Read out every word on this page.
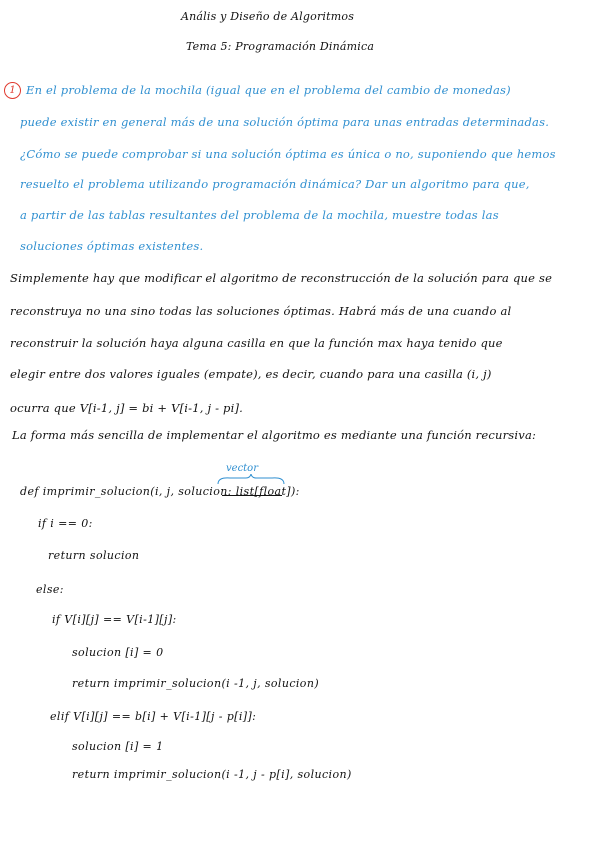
Anális y Diseño de Algoritmos
Tema 5: Programación Dinámica
1 En el problema de la mochila (igual que en el problema del cambio de monedas)
puede existir en general más de una solución óptima para unas entradas determinadas.
¿Cómo se puede comprobar si una solución óptima es única o no, suponiendo que hemos
resuelto el problema utilizando programación dinámica? Dar un algoritmo para que,
a partir de las tablas resultantes del problema de la mochila, muestre todas las
soluciones óptimas existentes.
Simplemente hay que modificar el algoritmo de reconstrucción de la solución para que se
reconstruya no una sino todas las soluciones óptimas. Habrá más de una cuando al
reconstruir la solución haya alguna casilla en que la función max haya tenido que
elegir entre dos valores iguales (empate), es decir, cuando para una casilla (i, j)
ocurra que V[i-1, j] = bi + V[i-1, j - pi].
La forma más sencilla de implementar el algoritmo es mediante una función recursiva:
vector
def imprimir_solucion(i, j, solucion: list[float]):
if i == 0:
return solucion
else:
if V[i][j] == V[i-1][j]:
solucion [i] = 0
return imprimir_solucion(i -1, j, solucion)
elif V[i][j] == b[i] + V[i-1][j - p[i]]:
solucion [i] = 1
return imprimir_solucion(i -1, j - p[i], solucion)
